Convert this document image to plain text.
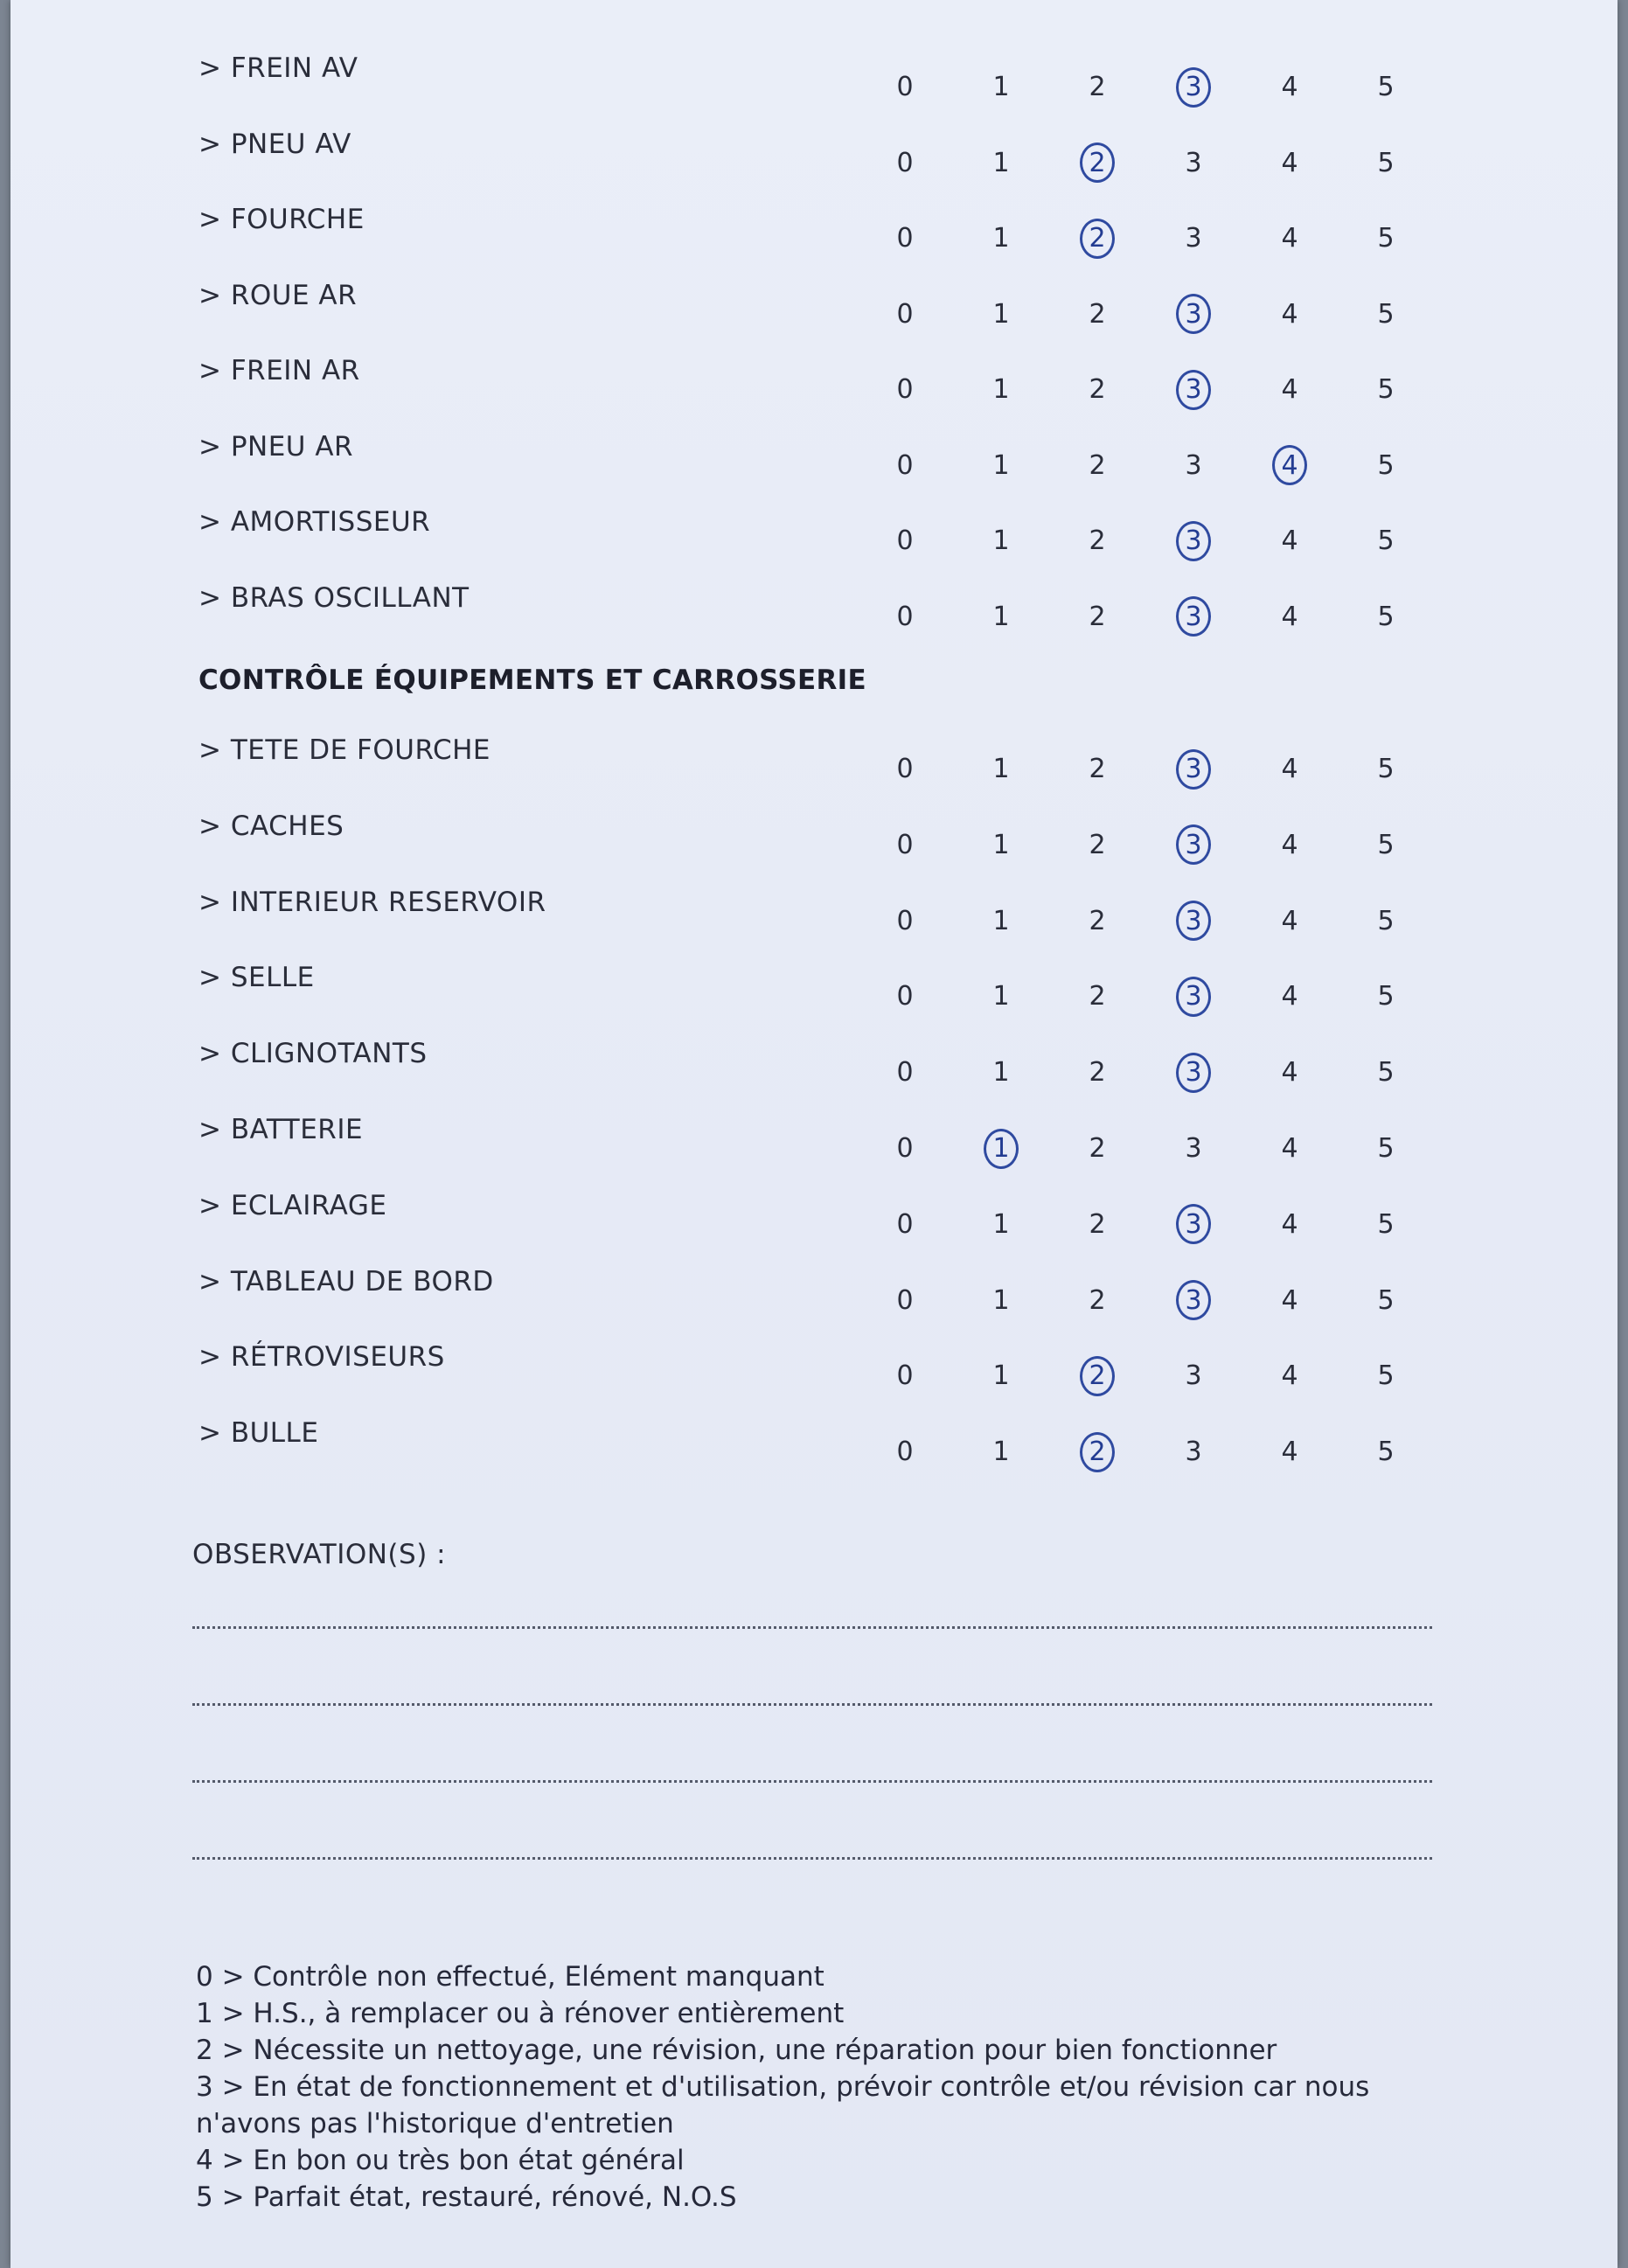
> FREIN AV
0	1	2	3	4	5
> PNEU AV
0	1	2	3	4	5
> FOURCHE
0	1	2	3	4	5
> ROUE AR
0	1	2	3	4	5
> FREIN AR
0	1	2	3	4	5
> PNEU AR
0	1	2	3	4	5
> AMORTISSEUR
0	1	2	3	4	5
> BRAS OSCILLANT
0	1	2	3	4	5
CONTRÔLE ÉQUIPEMENTS ET CARROSSERIE
> TETE DE FOURCHE
0	1	2	3	4	5
> CACHES
0	1	2	3	4	5
> INTERIEUR RESERVOIR
0	1	2	3	4	5
> SELLE
0	1	2	3	4	5
> CLIGNOTANTS
0	1	2	3	4	5
> BATTERIE
0	1	2	3	4	5
> ECLAIRAGE
0	1	2	3	4	5
> TABLEAU DE BORD
0	1	2	3	4	5
> RÉTROVISEURS
0	1	2	3	4	5
> BULLE
0	1	2	3	4	5
OBSERVATION(S) :
0 > Contrôle non effectué, Elément manquant
1 > H.S., à remplacer ou à rénover entièrement
2 > Nécessite un nettoyage, une révision, une réparation pour bien fonctionner
3 > En état de fonctionnement et d'utilisation, prévoir contrôle et/ou révision car nous n'avons pas l'historique d'entretien
4 > En bon ou très bon état général
5 > Parfait état, restauré, rénové, N.O.S
